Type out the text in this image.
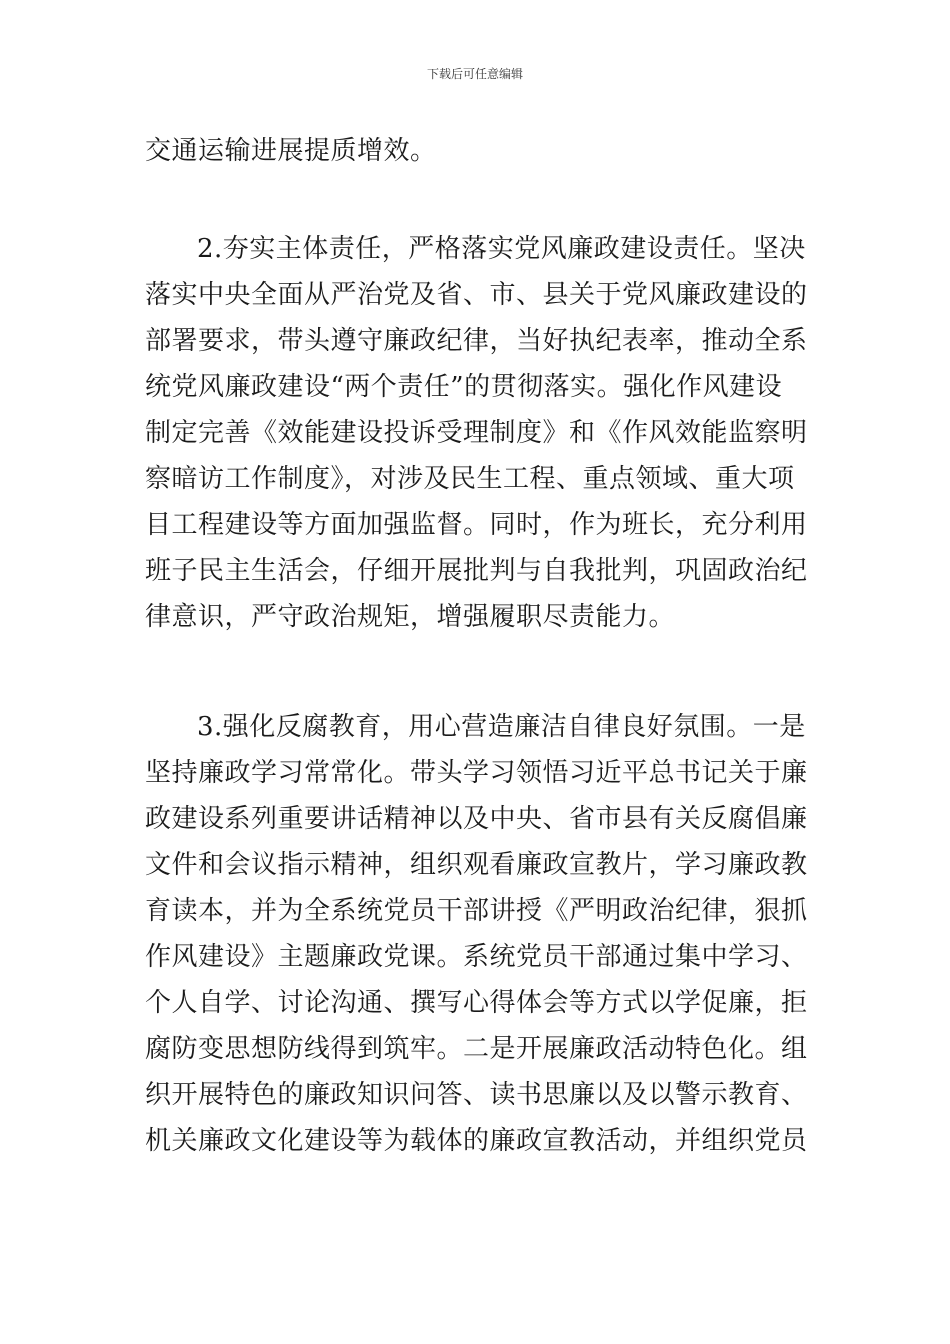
下载后可任意编辑
交通运输进展提质增效。
2.夯实主体责任，严格落实党风廉政建设责任。坚决
落实中央全面从严治党及省、市、县关于党风廉政建设的
部署要求，带头遵守廉政纪律，当好执纪表率，推动全系
统党风廉政建设“两个责任”的贯彻落实。强化作风建设
制定完善《效能建设投诉受理制度》和《作风效能监察明
察暗访工作制度》，对涉及民生工程、重点领域、重大项
目工程建设等方面加强监督。同时，作为班长，充分利用
班子民主生活会，仔细开展批判与自我批判，巩固政治纪
律意识，严守政治规矩，增强履职尽责能力。
3.强化反腐教育，用心营造廉洁自律良好氛围。一是
坚持廉政学习常常化。带头学习领悟习近平总书记关于廉
政建设系列重要讲话精神以及中央、省市县有关反腐倡廉
文件和会议指示精神，组织观看廉政宣教片，学习廉政教
育读本，并为全系统党员干部讲授《严明政治纪律，狠抓
作风建设》主题廉政党课。系统党员干部通过集中学习、
个人自学、讨论沟通、撰写心得体会等方式以学促廉，拒
腐防变思想防线得到筑牢。二是开展廉政活动特色化。组
织开展特色的廉政知识问答、读书思廉以及以警示教育、
机关廉政文化建设等为载体的廉政宣教活动，并组织党员
